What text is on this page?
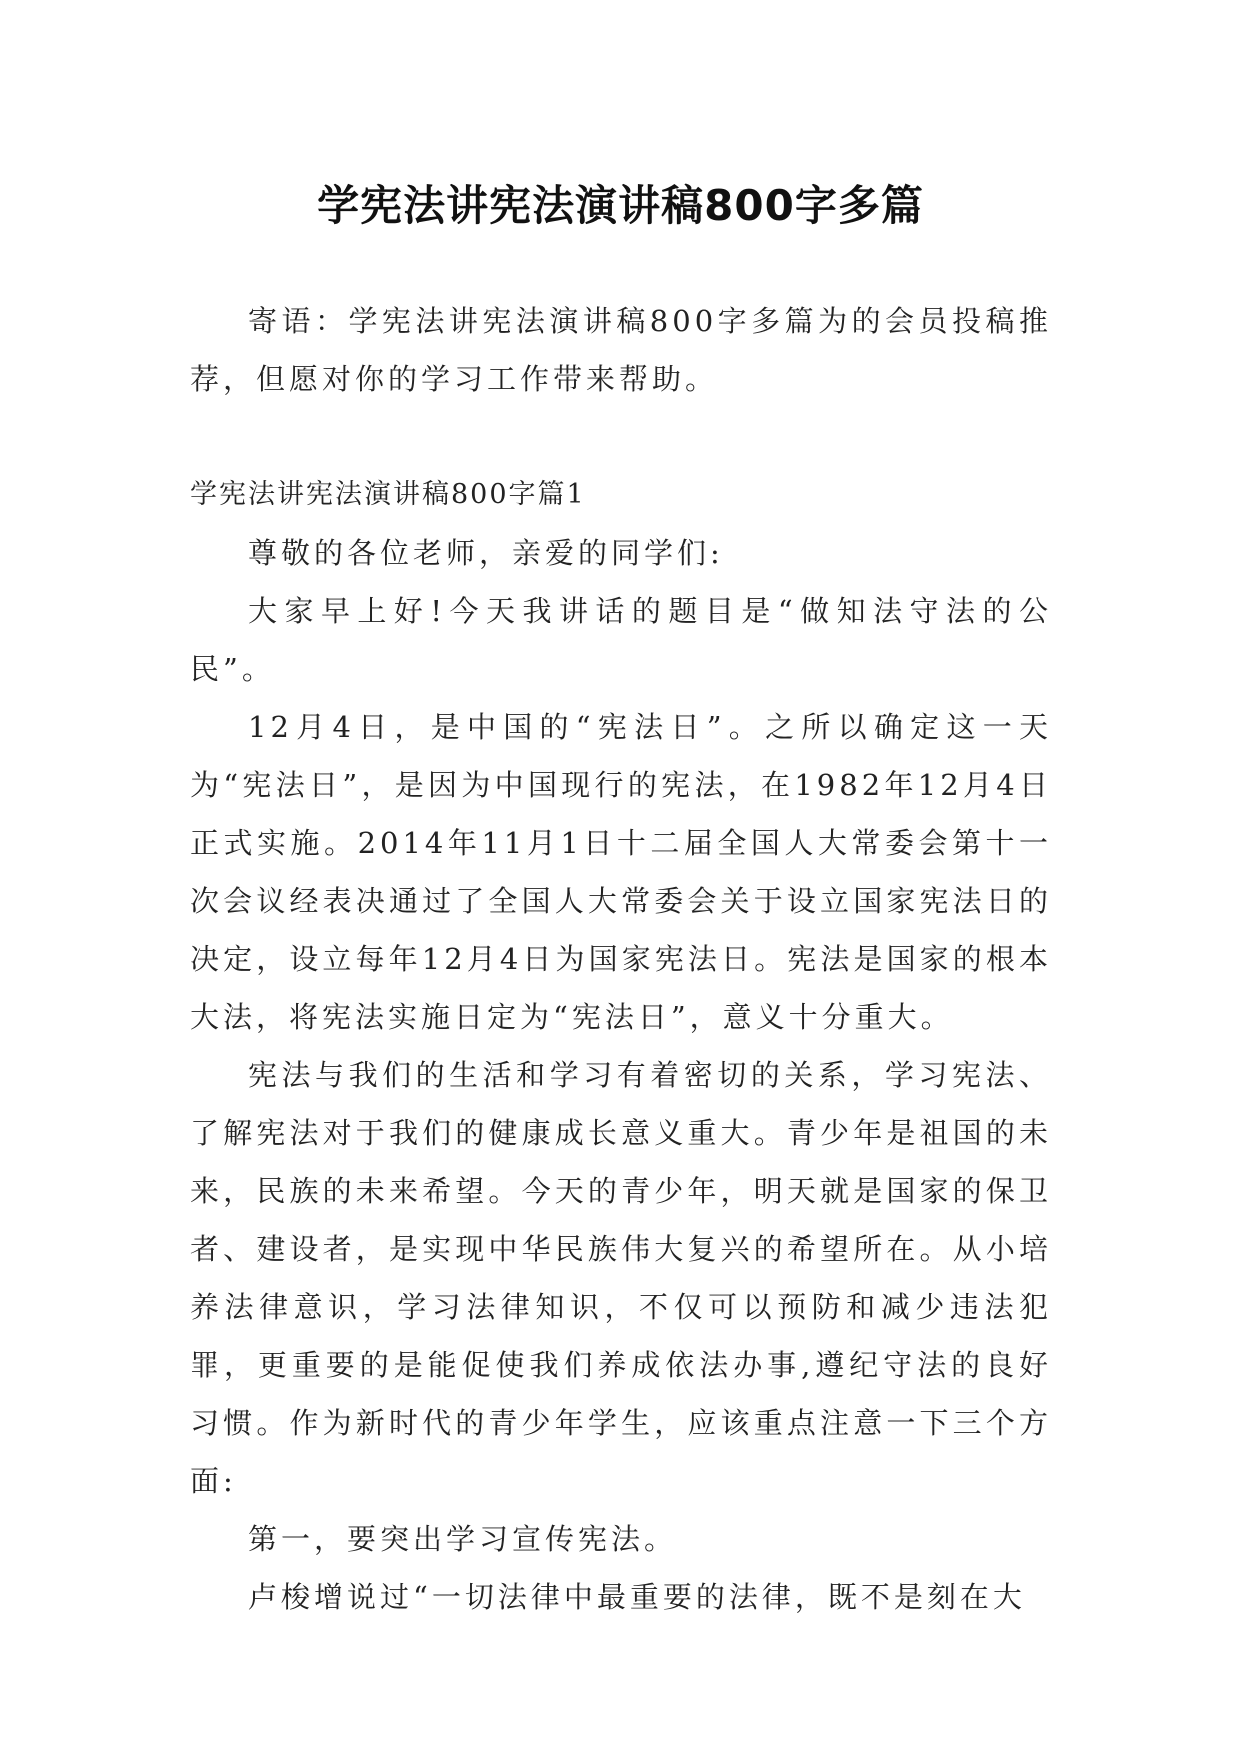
学宪法讲宪法演讲稿800字多篇

寄语：学宪法讲宪法演讲稿800字多篇为的会员投稿推荐，但愿对你的学习工作带来帮助。

学宪法讲宪法演讲稿800字篇1

尊敬的各位老师，亲爱的同学们:

大家早上好!今天我讲话的题目是“做知法守法的公民”。

12月4日，是中国的“宪法日”。之所以确定这一天为“宪法日”，是因为中国现行的宪法，在1982年12月4日正式实施。2014年11月1日十二届全国人大常委会第十一次会议经表决通过了全国人大常委会关于设立国家宪法日的决定，设立每年12月4日为国家宪法日。宪法是国家的根本大法，将宪法实施日定为“宪法日”，意义十分重大。

宪法与我们的生活和学习有着密切的关系，学习宪法、了解宪法对于我们的健康成长意义重大。青少年是祖国的未来，民族的未来希望。今天的青少年，明天就是国家的保卫者、建设者，是实现中华民族伟大复兴的希望所在。从小培养法律意识，学习法律知识，不仅可以预防和减少违法犯罪，更重要的是能促使我们养成依法办事,遵纪守法的良好习惯。作为新时代的青少年学生，应该重点注意一下三个方面:

第一，要突出学习宣传宪法。

卢梭增说过“一切法律中最重要的法律，既不是刻在大
